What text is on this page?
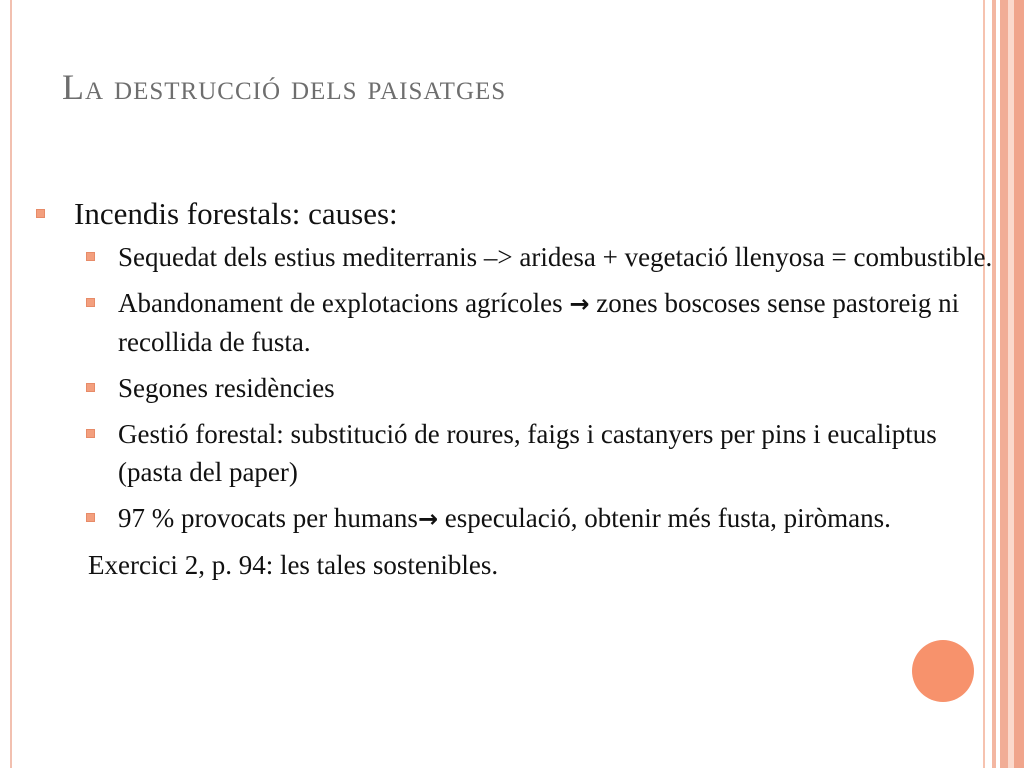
La destrucció dels paisatges
Incendis forestals: causes:
Sequedat dels estius mediterranis –> aridesa + vegetació llenyosa = combustible.
Abandonament de explotacions agrícoles → zones boscoses sense pastoreig ni recollida de fusta.
Segones residències
Gestió forestal: substitució de roures, faigs i castanyers per pins i eucaliptus (pasta del paper)
97 % provocats per humans→ especulació, obtenir més fusta, piròmans.
Exercici 2, p. 94: les tales sostenibles.
